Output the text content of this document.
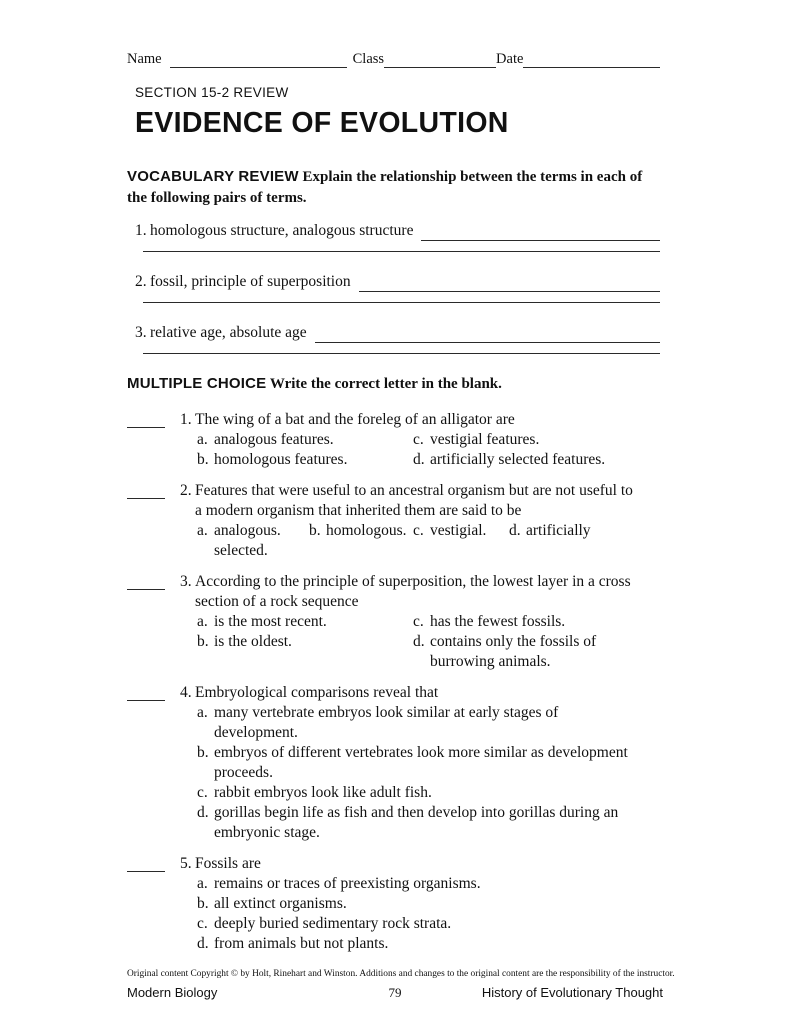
Name	Class	Date
SECTION 15-2 REVIEW
EVIDENCE OF EVOLUTION
VOCABULARY REVIEW Explain the relationship between the terms in each of the following pairs of terms.
1. homologous structure, analogous structure
2. fossil, principle of superposition
3. relative age, absolute age
MULTIPLE CHOICE Write the correct letter in the blank.
1. The wing of a bat and the foreleg of an alligator are
a. analogous features.	c. vestigial features.
b. homologous features.	d. artificially selected features.
2. Features that were useful to an ancestral organism but are not useful to
a modern organism that inherited them are said to be
a. analogous. b. homologous. c. vestigial. d. artificially
selected.
3. According to the principle of superposition, the lowest layer in a cross
section of a rock sequence
a. is the most recent.	c. has the fewest fossils.
b. is the oldest.	d. contains only the fossils of
burrowing animals.
4. Embryological comparisons reveal that
a. many vertebrate embryos look similar at early stages of
development.
b. embryos of different vertebrates look more similar as development
proceeds.
c. rabbit embryos look like adult fish.
d. gorillas begin life as fish and then develop into gorillas during an
embryonic stage.
5. Fossils are
a. remains or traces of preexisting organisms.
b. all extinct organisms.
c. deeply buried sedimentary rock strata.
d. from animals but not plants.
Original content Copyright © by Holt, Rinehart and Winston. Additions and changes to the original content are the responsibility of the instructor.
Modern Biology	79	History of Evolutionary Thought
